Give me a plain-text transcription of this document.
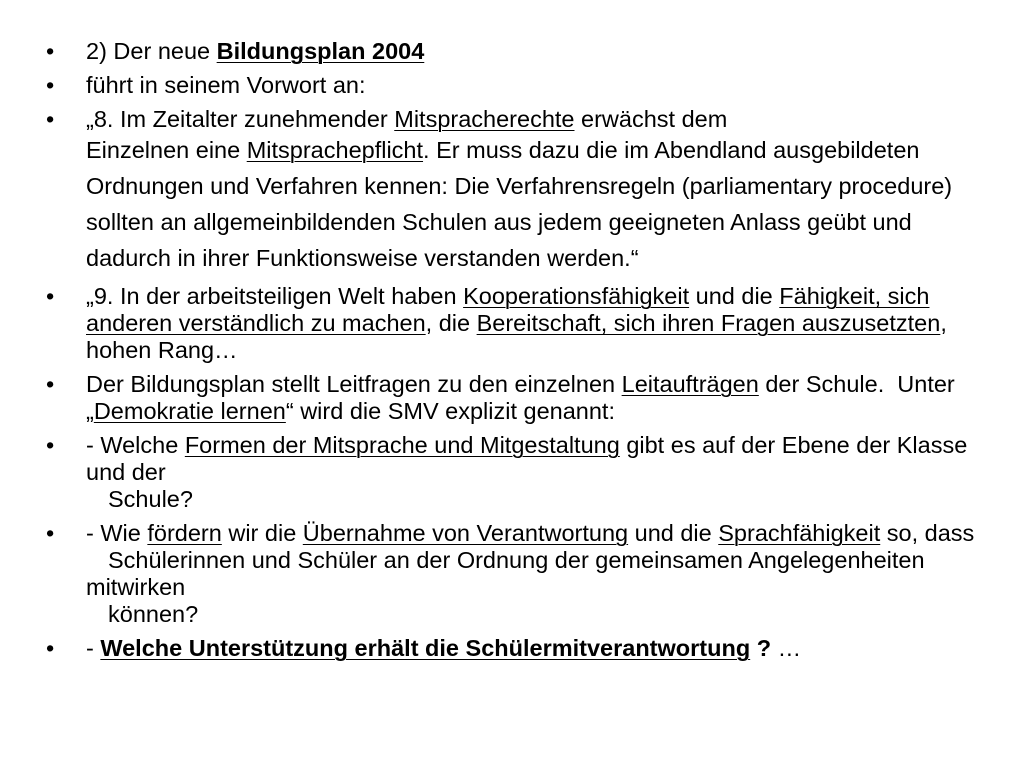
• 2) Der neue Bildungsplan 2004
• führt in seinem Vorwort an:
• „8. Im Zeitalter zunehmender Mitspracherechte erwächst dem
Einzelnen eine Mitsprachepflicht. Er muss dazu die im Abendland ausgebildeten Ordnungen und Verfahren kennen: Die Verfahrensregeln (parliamentary procedure) sollten an allgemeinbildenden Schulen aus jedem geeigneten Anlass geübt und dadurch in ihrer Funktionsweise verstanden werden.“
• „9. In der arbeitsteiligen Welt haben Kooperationsfähigkeit und die Fähigkeit, sich anderen verständlich zu machen, die Bereitschaft, sich ihren Fragen auszusetzten, hohen Rang…
• Der Bildungsplan stellt Leitfragen zu den einzelnen Leitaufträgen der Schule.  Unter „Demokratie lernen“ wird die SMV explizit genannt:
• - Welche Formen der Mitsprache und Mitgestaltung gibt es auf der Ebene der Klasse und der
Schule?
• - Wie fördern wir die Übernahme von Verantwortung und die Sprachfähigkeit so, dass
Schülerinnen und Schüler an der Ordnung der gemeinsamen Angelegenheiten mitwirken
können?
• - Welche Unterstützung erhält die Schülermitverantwortung ? …
